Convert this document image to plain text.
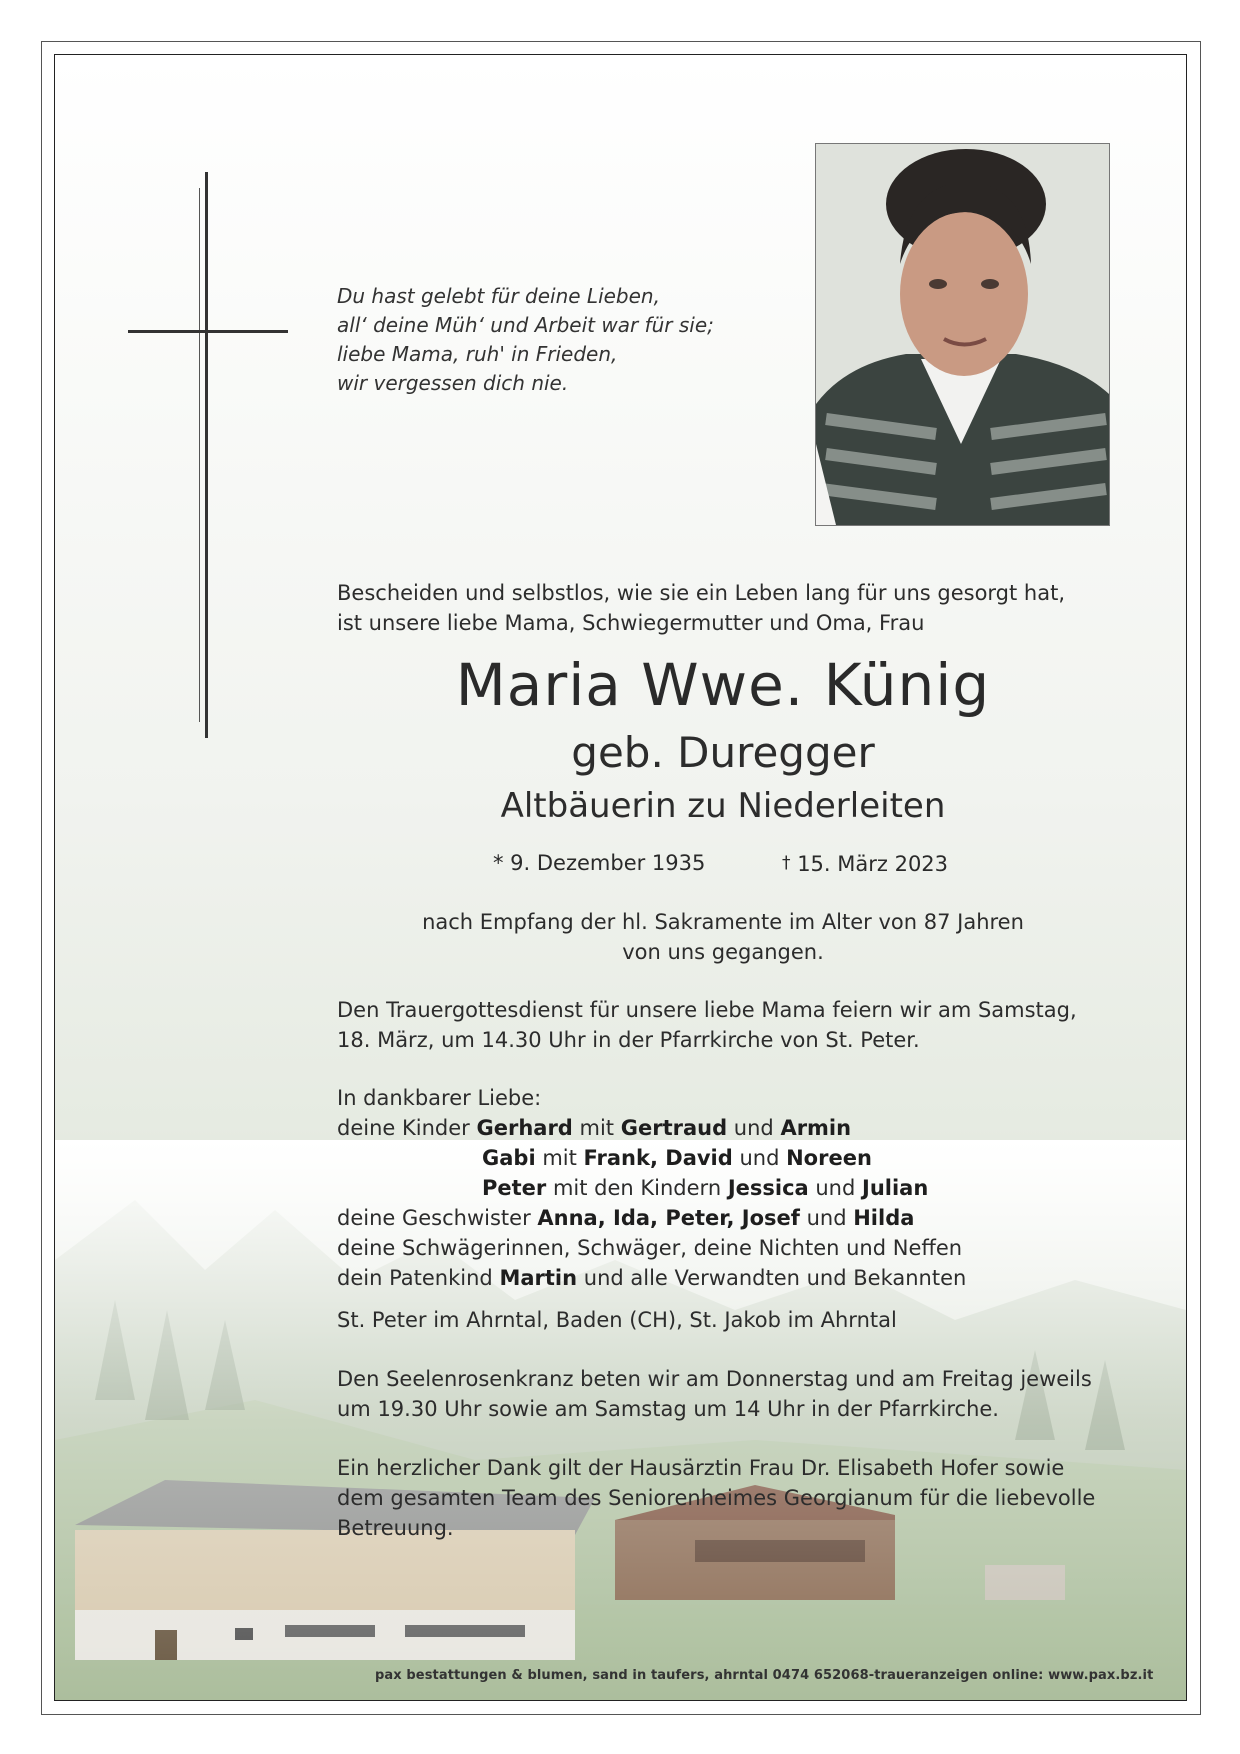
Du hast gelebt für deine Lieben,
all‘ deine Müh‘ und Arbeit war für sie;
liebe Mama, ruh' in Frieden,
wir vergessen dich nie.
Bescheiden und selbstlos, wie sie ein Leben lang für uns gesorgt hat,
ist unsere liebe Mama, Schwiegermutter und Oma, Frau
Maria Wwe. Künig
geb. Duregger
Altbäuerin zu Niederleiten
* 9. Dezember 1935	† 15. März 2023
nach Empfang der hl. Sakramente im Alter von 87 Jahren
von uns gegangen.
Den Trauergottesdienst für unsere liebe Mama feiern wir am Samstag,
18. März, um 14.30 Uhr in der Pfarrkirche von St. Peter.
In dankbarer Liebe:
deine Kinder Gerhard mit Gertraud und Armin
Gabi mit Frank, David und Noreen
Peter mit den Kindern Jessica und Julian
deine Geschwister Anna, Ida, Peter, Josef und Hilda
deine Schwägerinnen, Schwäger, deine Nichten und Neffen
dein Patenkind Martin und alle Verwandten und Bekannten
St. Peter im Ahrntal, Baden (CH), St. Jakob im Ahrntal
Den Seelenrosenkranz beten wir am Donnerstag und am Freitag jeweils
um 19.30 Uhr sowie am Samstag um 14 Uhr in der Pfarrkirche.
Ein herzlicher Dank gilt der Hausärztin Frau Dr. Elisabeth Hofer sowie
dem gesamten Team des Seniorenheimes Georgianum für die liebevolle
Betreuung.
pax bestattungen & blumen, sand in taufers, ahrntal 0474 652068-traueranzeigen online: www.pax.bz.it
